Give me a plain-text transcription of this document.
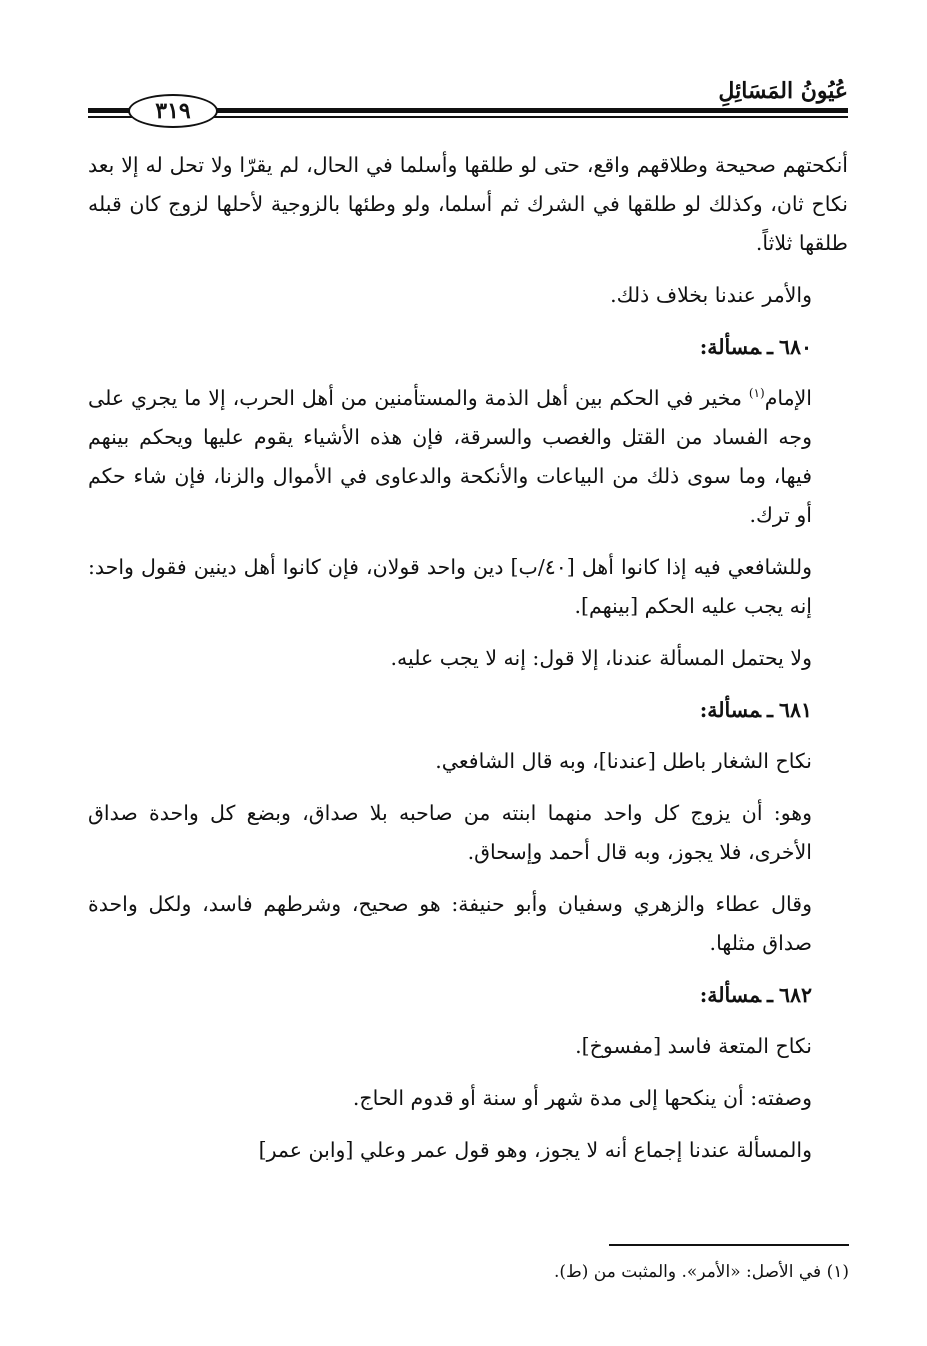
عُيُونُ المَسَائِلِ
٣١٩

أنكحتهم صحيحة وطلاقهم واقع، حتى لو طلقها وأسلما في الحال، لم يقرّا ولا تحل له إلا بعد نكاح ثان، وكذلك لو طلقها في الشرك ثم أسلما، ولو وطئها بالزوجية لأحلها لزوج كان قبله طلقها ثلاثاً.

والأمر عندنا بخلاف ذلك.

٦٨٠ـمسألة:

الإمام$^{(١)}$ مخير في الحكم بين أهل الذمة والمستأمنين من أهل الحرب، إلا ما يجري على وجه الفساد من القتل والغصب والسرقة، فإن هذه الأشياء يقوم عليها ويحكم بينهم فيها، وما سوى ذلك من البياعات والأنكحة والدعاوى في الأموال والزنا، فإن شاء حكم أو ترك.

وللشافعي فيه إذا كانوا أهل [٤٠/ب] دين واحد قولان، فإن كانوا أهل دينين فقول واحد: إنه يجب عليه الحكم [بينهم].

ولا يحتمل المسألة عندنا، إلا قول: إنه لا يجب عليه.

٦٨١ـمسألة:

نكاح الشغار باطل [عندنا]، وبه قال الشافعي.

وهو: أن يزوج كل واحد منهما ابنته من صاحبه بلا صداق، وبضع كل واحدة صداق الأخرى، فلا يجوز، وبه قال أحمد وإسحاق.

وقال عطاء والزهري وسفيان وأبو حنيفة: هو صحيح، وشرطهم فاسد، ولكل واحدة صداق مثلها.

٦٨٢ـمسألة:

نكاح المتعة فاسد [مفسوخ].

وصفته: أن ينكحها إلى مدة شهر أو سنة أو قدوم الحاج.

والمسألة عندنا إجماع أنه لا يجوز، وهو قول عمر وعلي [وابن عمر]

(١) في الأصل: «الأمر». والمثبت من (ط).
